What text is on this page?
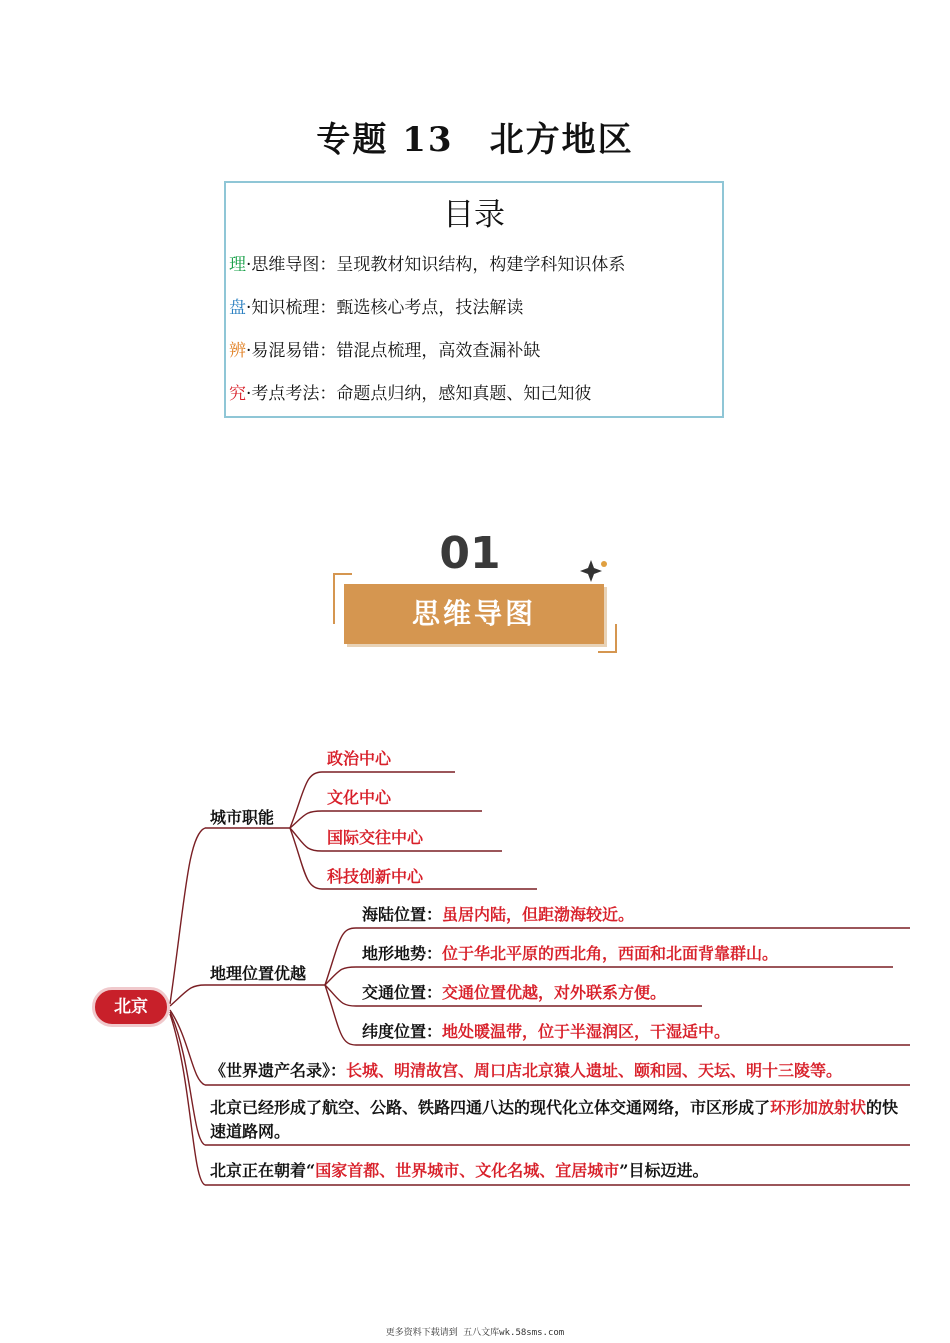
专题 13　北方地区
目录
理·思维导图：呈现教材知识结构，构建学科知识体系
盘·知识梳理：甄选核心考点，技法解读
辨·易混易错：错混点梳理，高效查漏补缺
究·考点考法：命题点归纳，感知真题、知己知彼
01
思维导图
北京
城市职能
政治中心
文化中心
国际交往中心
科技创新中心
地理位置优越
海陆位置：虽居内陆，但距渤海较近。
地形地势：位于华北平原的西北角，西面和北面背靠群山。
交通位置：交通位置优越，对外联系方便。
纬度位置：地处暖温带，位于半湿润区，干湿适中。
《世界遗产名录》：长城、明清故宫、周口店北京猿人遗址、颐和园、天坛、明十三陵等。
北京已经形成了航空、公路、铁路四通八达的现代化立体交通网络，市区形成了环形加放射状的快速道路网。
北京正在朝着“国家首都、世界城市、文化名城、宜居城市”目标迈进。
更多资料下载请到 五八文库wk.58sms.com
